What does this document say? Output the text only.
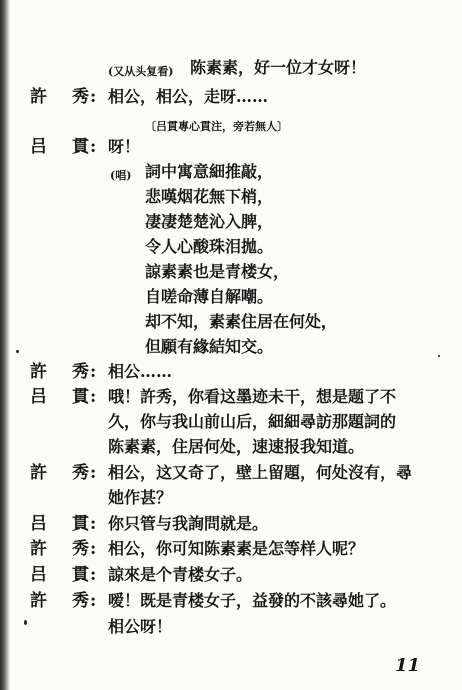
(又从头复看) 陈素素，好一位才女呀！
許 秀 : 相公，相公，走呀……
〔吕貫專心貫注，旁若無人〕
吕 貫 : 呀！
(唱) 詞中寓意細推敲，
悲嘆烟花無下梢，
凄凄楚楚沁入脾，
令人心酸珠泪拋。
諒素素也是青楼女，
自嗟命薄自解嘲。
却不知，素素住居在何处，
但願有緣結知交。
許 秀 : 相公……
吕 貫 : 哦！許秀，你看这墨迹未干，想是题了不
久，你与我山前山后，細細尋訪那題詞的
陈素素，住居何处，速速报我知道。
許 秀 : 相公，这又奇了，壁上留題，何处沒有，尋
她作甚？
吕 貫 : 你只管与我詢問就是。
許 秀 : 相公，你可知陈素素是怎等样人呢？
吕 貫 : 諒來是个青楼女子。
許 秀 : 嗳！既是青楼女子，益發的不該尋她了。
相公呀！
11
